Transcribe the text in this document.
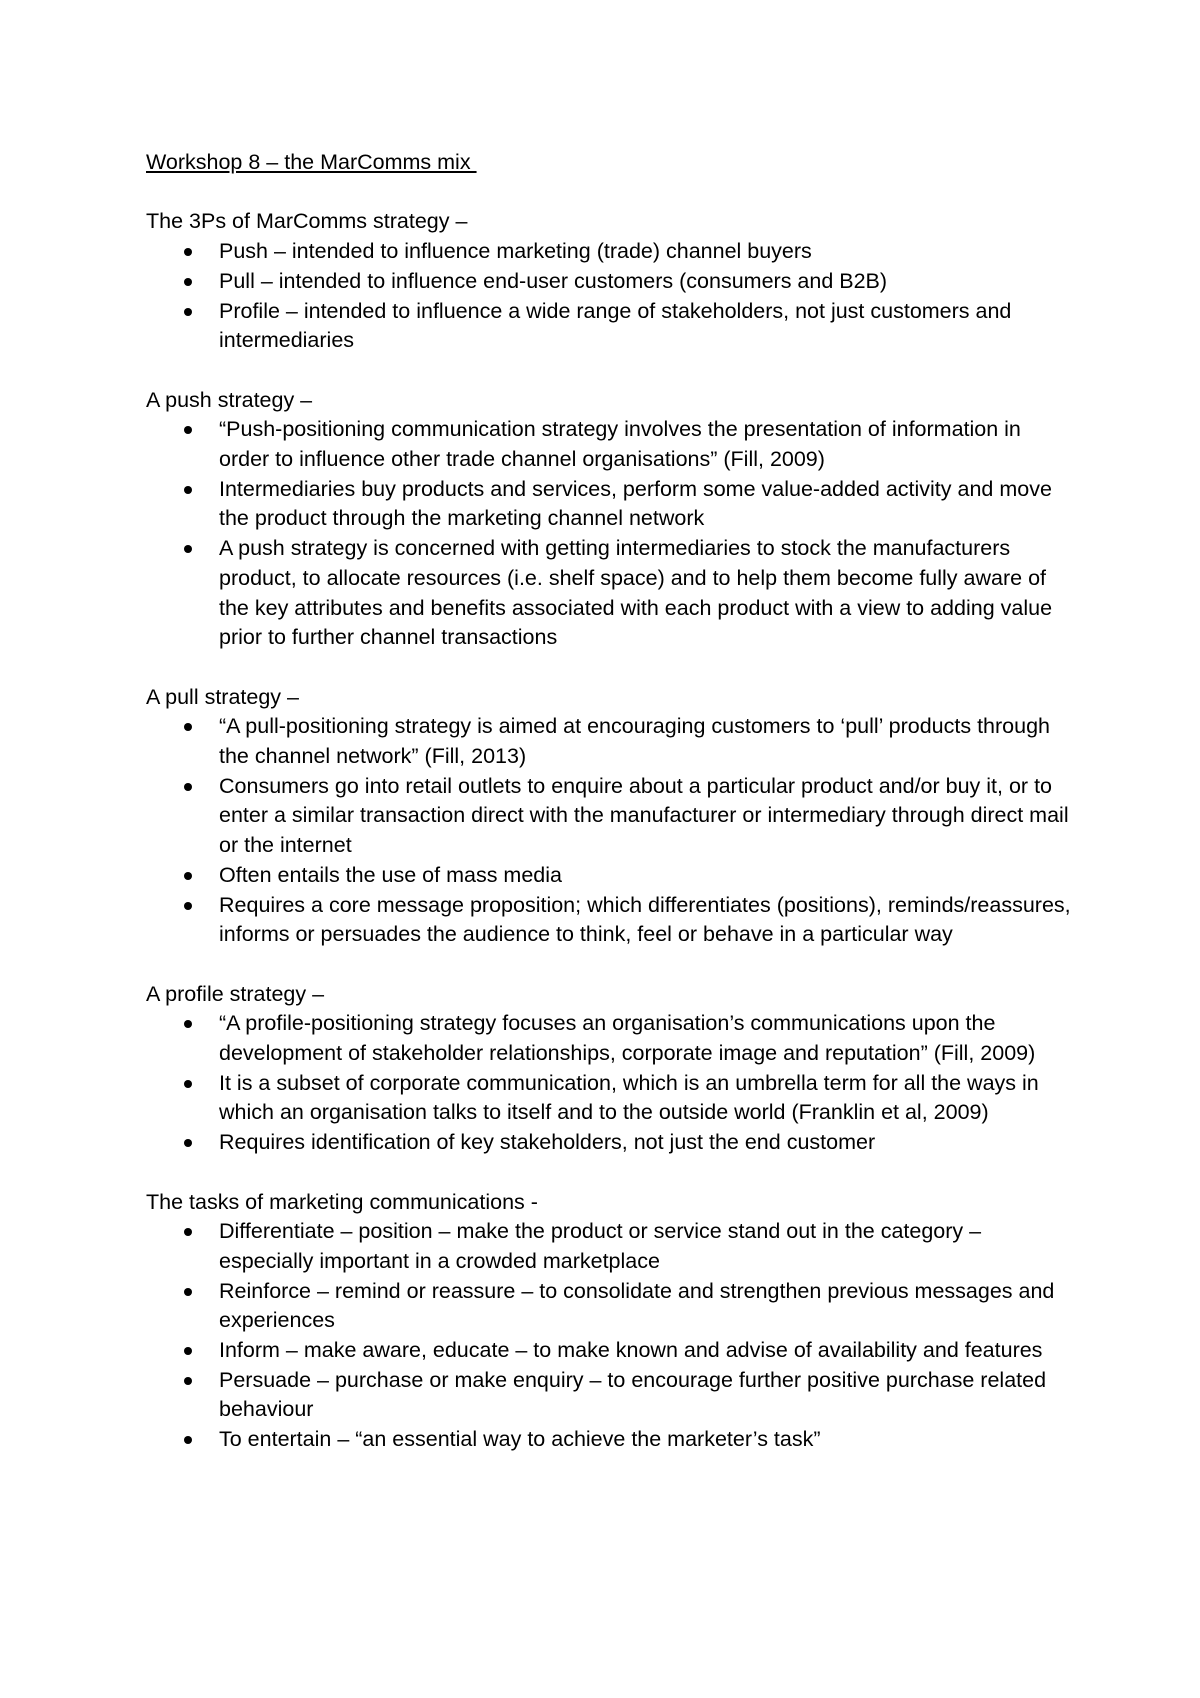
Workshop 8 – the MarComms mix

The 3Ps of MarComms strategy –

Push – intended to influence marketing (trade) channel buyers
Pull – intended to influence end-user customers (consumers and B2B)
Profile – intended to influence a wide range of stakeholders, not just customers and intermediaries

A push strategy –

“Push-positioning communication strategy involves the presentation of information in order to influence other trade channel organisations” (Fill, 2009)
Intermediaries buy products and services, perform some value-added activity and move the product through the marketing channel network
A push strategy is concerned with getting intermediaries to stock the manufacturers product, to allocate resources (i.e. shelf space) and to help them become fully aware of the key attributes and benefits associated with each product with a view to adding value prior to further channel transactions

A pull strategy –

“A pull-positioning strategy is aimed at encouraging customers to ‘pull’ products through the channel network” (Fill, 2013)
Consumers go into retail outlets to enquire about a particular product and/or buy it, or to enter a similar transaction direct with the manufacturer or intermediary through direct mail or the internet
Often entails the use of mass media
Requires a core message proposition; which differentiates (positions), reminds/reassures, informs or persuades the audience to think, feel or behave in a particular way

A profile strategy –

“A profile-positioning strategy focuses an organisation’s communications upon the development of stakeholder relationships, corporate image and reputation” (Fill, 2009)
It is a subset of corporate communication, which is an umbrella term for all the ways in which an organisation talks to itself and to the outside world (Franklin et al, 2009)
Requires identification of key stakeholders, not just the end customer

The tasks of marketing communications -

Differentiate – position – make the product or service stand out in the category – especially important in a crowded marketplace
Reinforce – remind or reassure – to consolidate and strengthen previous messages and experiences
Inform – make aware, educate – to make known and advise of availability and features
Persuade – purchase or make enquiry – to encourage further positive purchase related behaviour
To entertain – “an essential way to achieve the marketer’s task”
